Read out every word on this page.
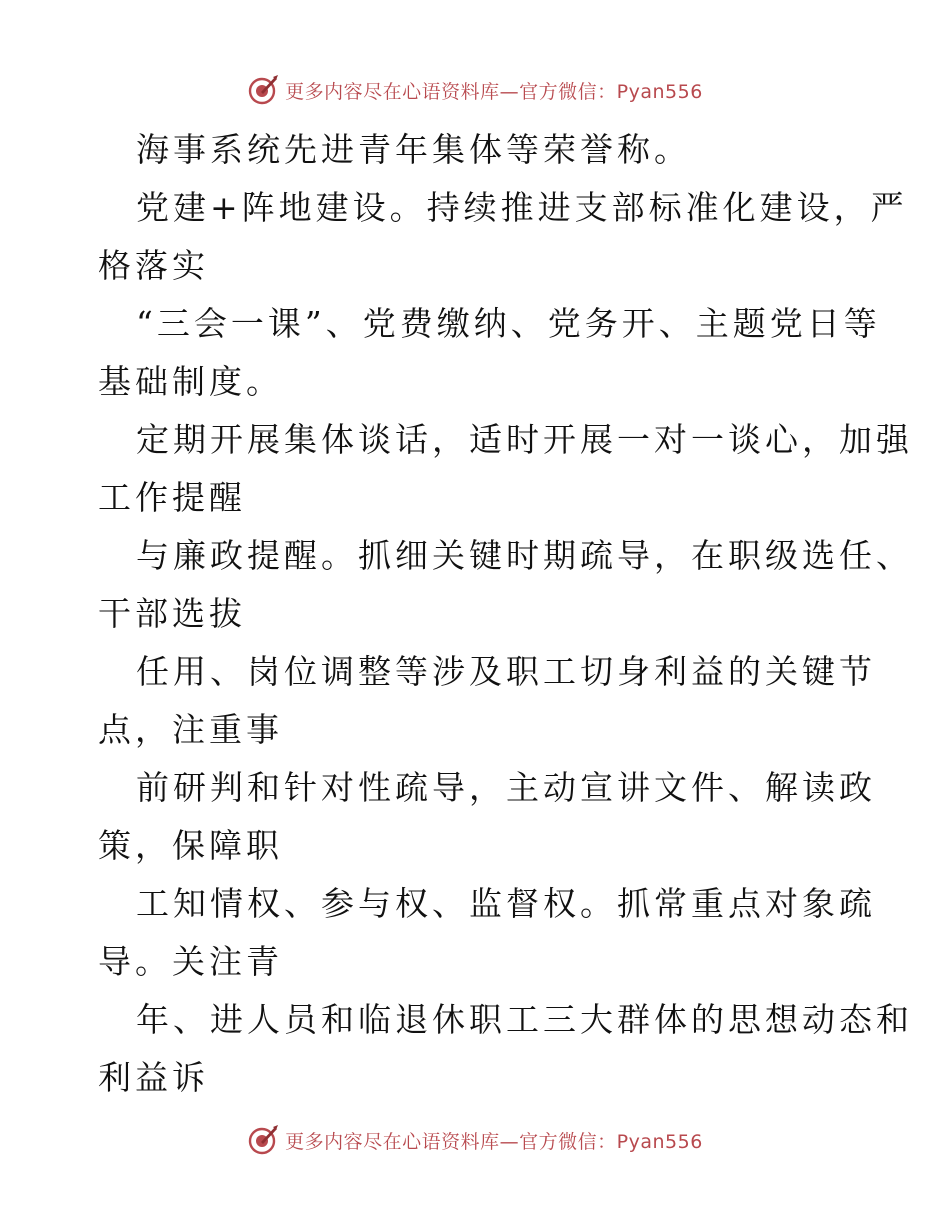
更多内容尽在心语资料库—官方微信：Pyan556
海事系统先进青年集体等荣誉称。
党建+阵地建设。持续推进支部标准化建设，严
格落实
“三会一课”、党费缴纳、党务开、主题党日等
基础制度。
定期开展集体谈话，适时开展一对一谈心，加强
工作提醒
与廉政提醒。抓细关键时期疏导，在职级选任、
干部选拔
任用、岗位调整等涉及职工切身利益的关键节
点，注重事
前研判和针对性疏导，主动宣讲文件、解读政
策，保障职
工知情权、参与权、监督权。抓常重点对象疏
导。关注青
年、进人员和临退休职工三大群体的思想动态和
利益诉
更多内容尽在心语资料库—官方微信：Pyan556
